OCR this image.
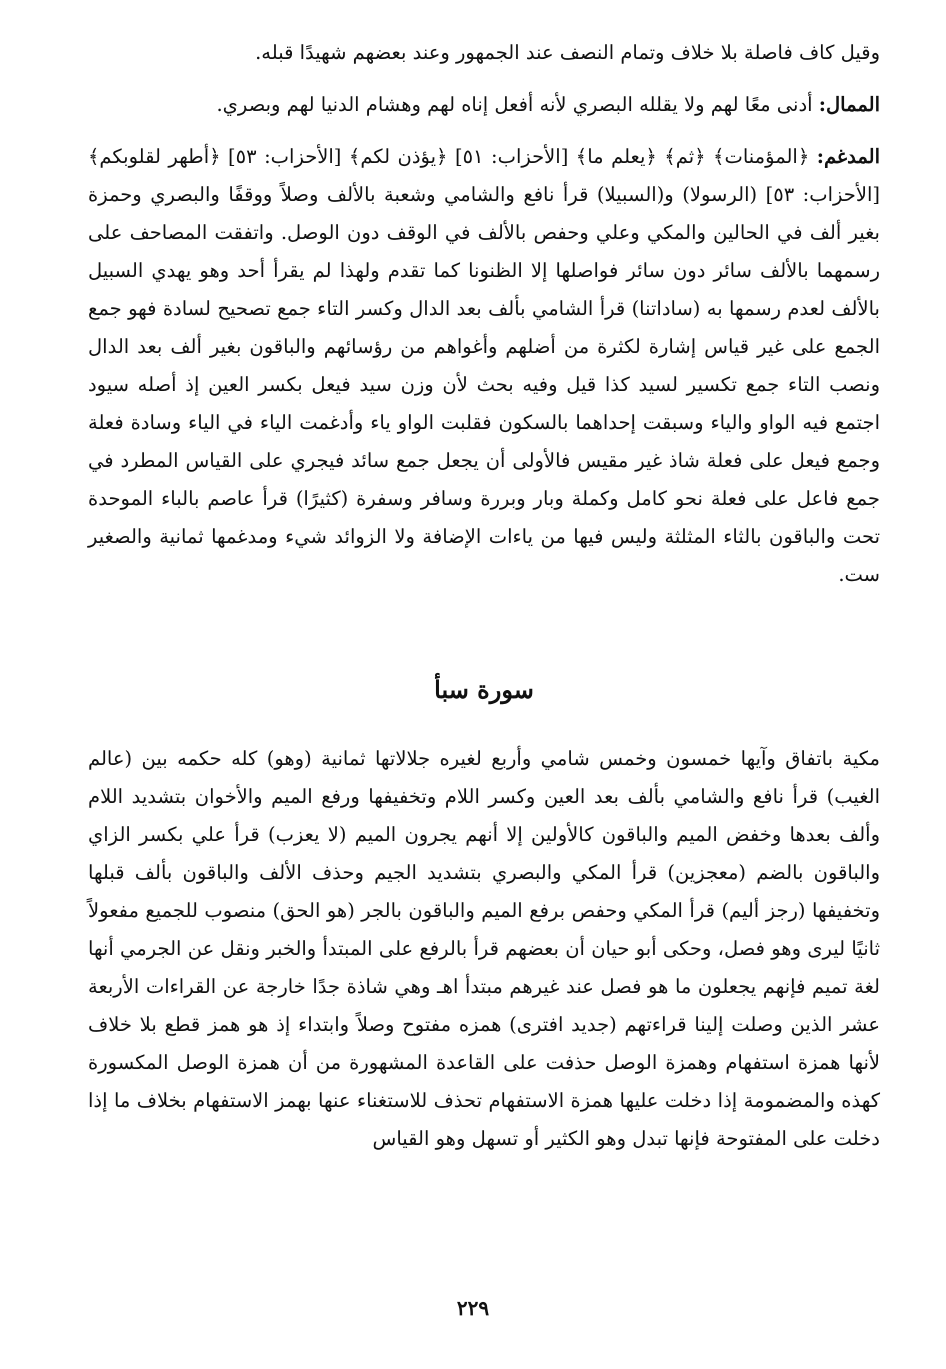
وقيل كاف فاصلة بلا خلاف وتمام النصف عند الجمهور وعند بعضهم شهيدًا قبله.

الممال: أدنى معًا لهم ولا يقلله البصري لأنه أفعل إناه لهم وهشام الدنيا لهم وبصري.

المدغم: ﴿المؤمنات﴾ ﴿ثم﴾ ﴿يعلم ما﴾ [الأحزاب: ٥١] ﴿يؤذن لكم﴾ [الأحزاب: ٥٣] ﴿أطهر لقلوبكم﴾ [الأحزاب: ٥٣] (الرسولا) و(السبيلا) قرأ نافع والشامي وشعبة بالألف وصلاً ووقفًا والبصري وحمزة بغير ألف في الحالين والمكي وعلي وحفص بالألف في الوقف دون الوصل. واتفقت المصاحف على رسمهما بالألف سائر دون سائر فواصلها إلا الظنونا كما تقدم ولهذا لم يقرأ أحد وهو يهدي السبيل بالألف لعدم رسمها به (ساداتنا) قرأ الشامي بألف بعد الدال وكسر التاء جمع تصحيح لسادة فهو جمع الجمع على غير قياس إشارة لكثرة من أضلهم وأغواهم من رؤسائهم والباقون بغير ألف بعد الدال ونصب التاء جمع تكسير لسيد كذا قيل وفيه بحث لأن وزن سيد فيعل بكسر العين إذ أصله سيود اجتمع فيه الواو والياء وسبقت إحداهما بالسكون فقلبت الواو ياء وأدغمت الياء في الياء وسادة فعلة وجمع فيعل على فعلة شاذ غير مقيس فالأولى أن يجعل جمع سائد فيجري على القياس المطرد في جمع فاعل على فعلة نحو كامل وكملة وبار وبررة وسافر وسفرة (كثيرًا) قرأ عاصم بالباء الموحدة تحت والباقون بالثاء المثلثة وليس فيها من ياءات الإضافة ولا الزوائد شيء ومدغمها ثمانية والصغير ست.

سورة سبأ

مكية باتفاق وآيها خمسون وخمس شامي وأربع لغيره جلالاتها ثمانية (وهو) كله حكمه بين (عالم الغيب) قرأ نافع والشامي بألف بعد العين وكسر اللام وتخفيفها ورفع الميم والأخوان بتشديد اللام وألف بعدها وخفض الميم والباقون كالأولين إلا أنهم يجرون الميم (لا يعزب) قرأ علي بكسر الزاي والباقون بالضم (معجزين) قرأ المكي والبصري بتشديد الجيم وحذف الألف والباقون بألف قبلها وتخفيفها (رجز أليم) قرأ المكي وحفص برفع الميم والباقون بالجر (هو الحق) منصوب للجميع مفعولاً ثانيًا ليرى وهو فصل، وحكى أبو حيان أن بعضهم قرأ بالرفع على المبتدأ والخبر ونقل عن الجرمي أنها لغة تميم فإنهم يجعلون ما هو فصل عند غيرهم مبتدأ اهـ وهي شاذة جدًا خارجة عن القراءات الأربعة عشر الذين وصلت إلينا قراءتهم (جديد افترى) همزه مفتوح وصلاً وابتداء إذ هو همز قطع بلا خلاف لأنها همزة استفهام وهمزة الوصل حذفت على القاعدة المشهورة من أن همزة الوصل المكسورة كهذه والمضمومة إذا دخلت عليها همزة الاستفهام تحذف للاستغناء عنها بهمز الاستفهام بخلاف ما إذا دخلت على المفتوحة فإنها تبدل وهو الكثير أو تسهل وهو القياس

٢٢٩
